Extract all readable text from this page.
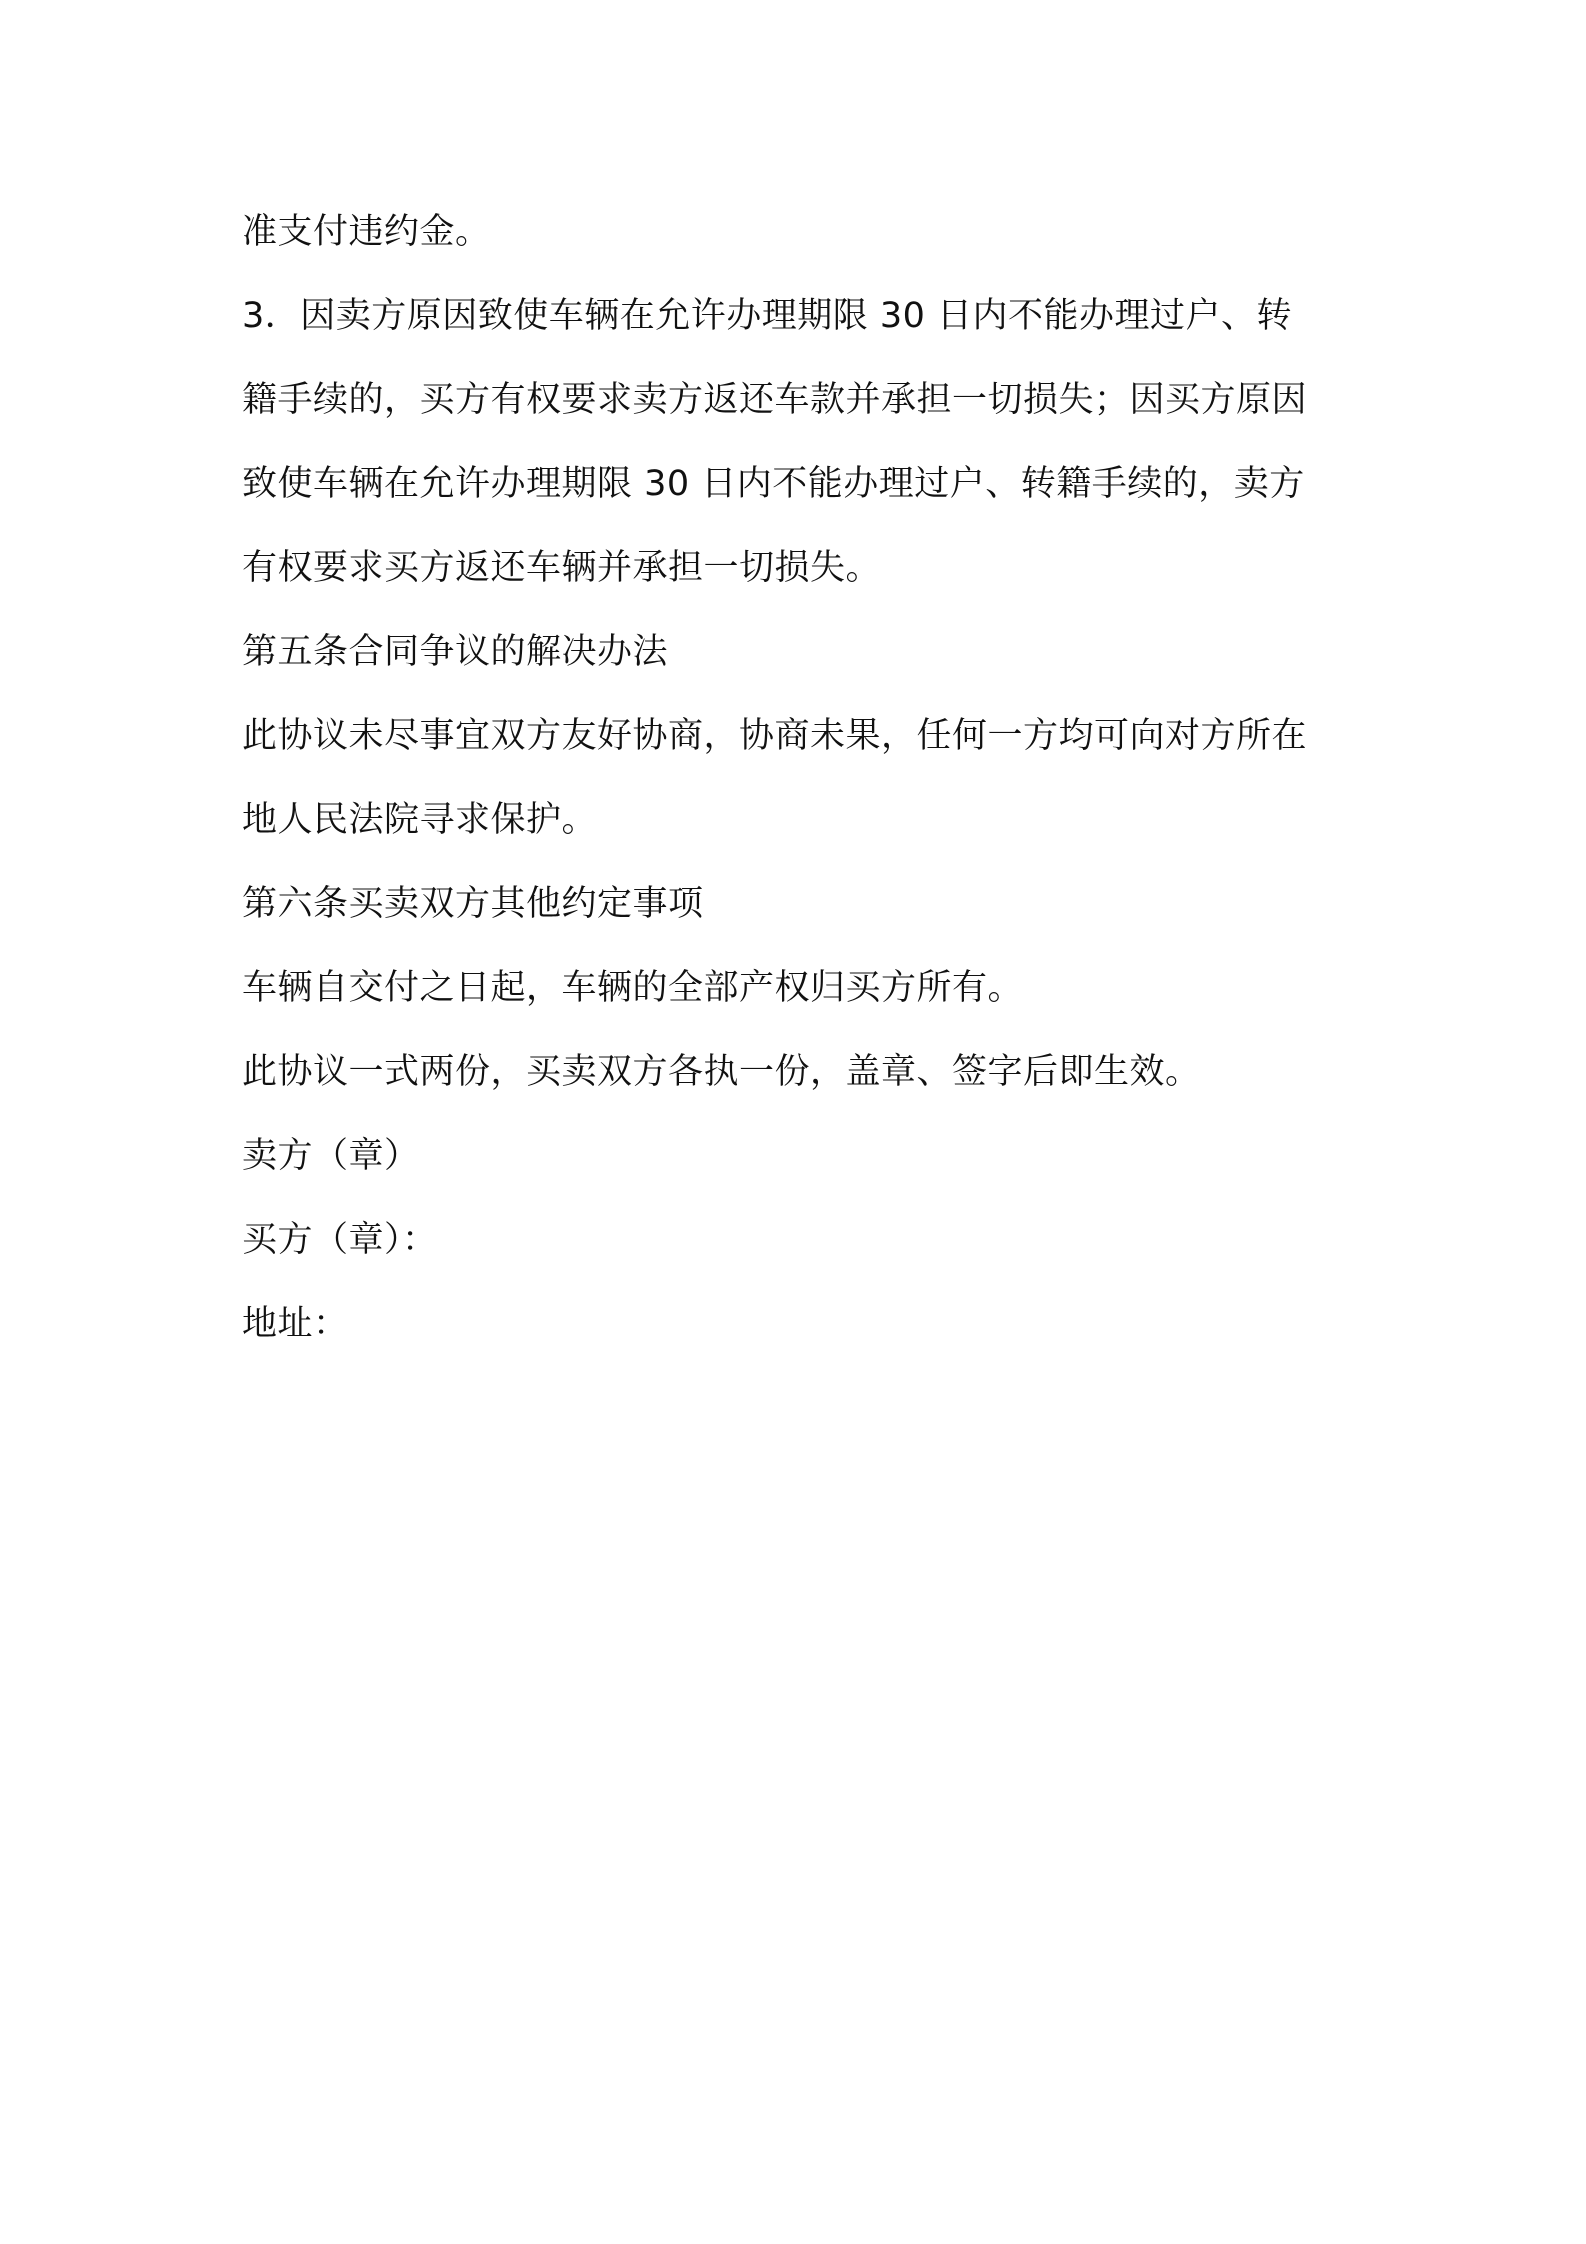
准支付违约金。
3．因卖方原因致使车辆在允许办理期限 30 日内不能办理过户、转
籍手续的，买方有权要求卖方返还车款并承担一切损失；因买方原因
致使车辆在允许办理期限 30 日内不能办理过户、转籍手续的，卖方
有权要求买方返还车辆并承担一切损失。
第五条合同争议的解决办法
此协议未尽事宜双方友好协商，协商未果，任何一方均可向对方所在
地人民法院寻求保护。
第六条买卖双方其他约定事项
车辆自交付之日起，车辆的全部产权归买方所有。
此协议一式两份，买卖双方各执一份，盖章、签字后即生效。
卖方（章）
买方（章）：
地址：
